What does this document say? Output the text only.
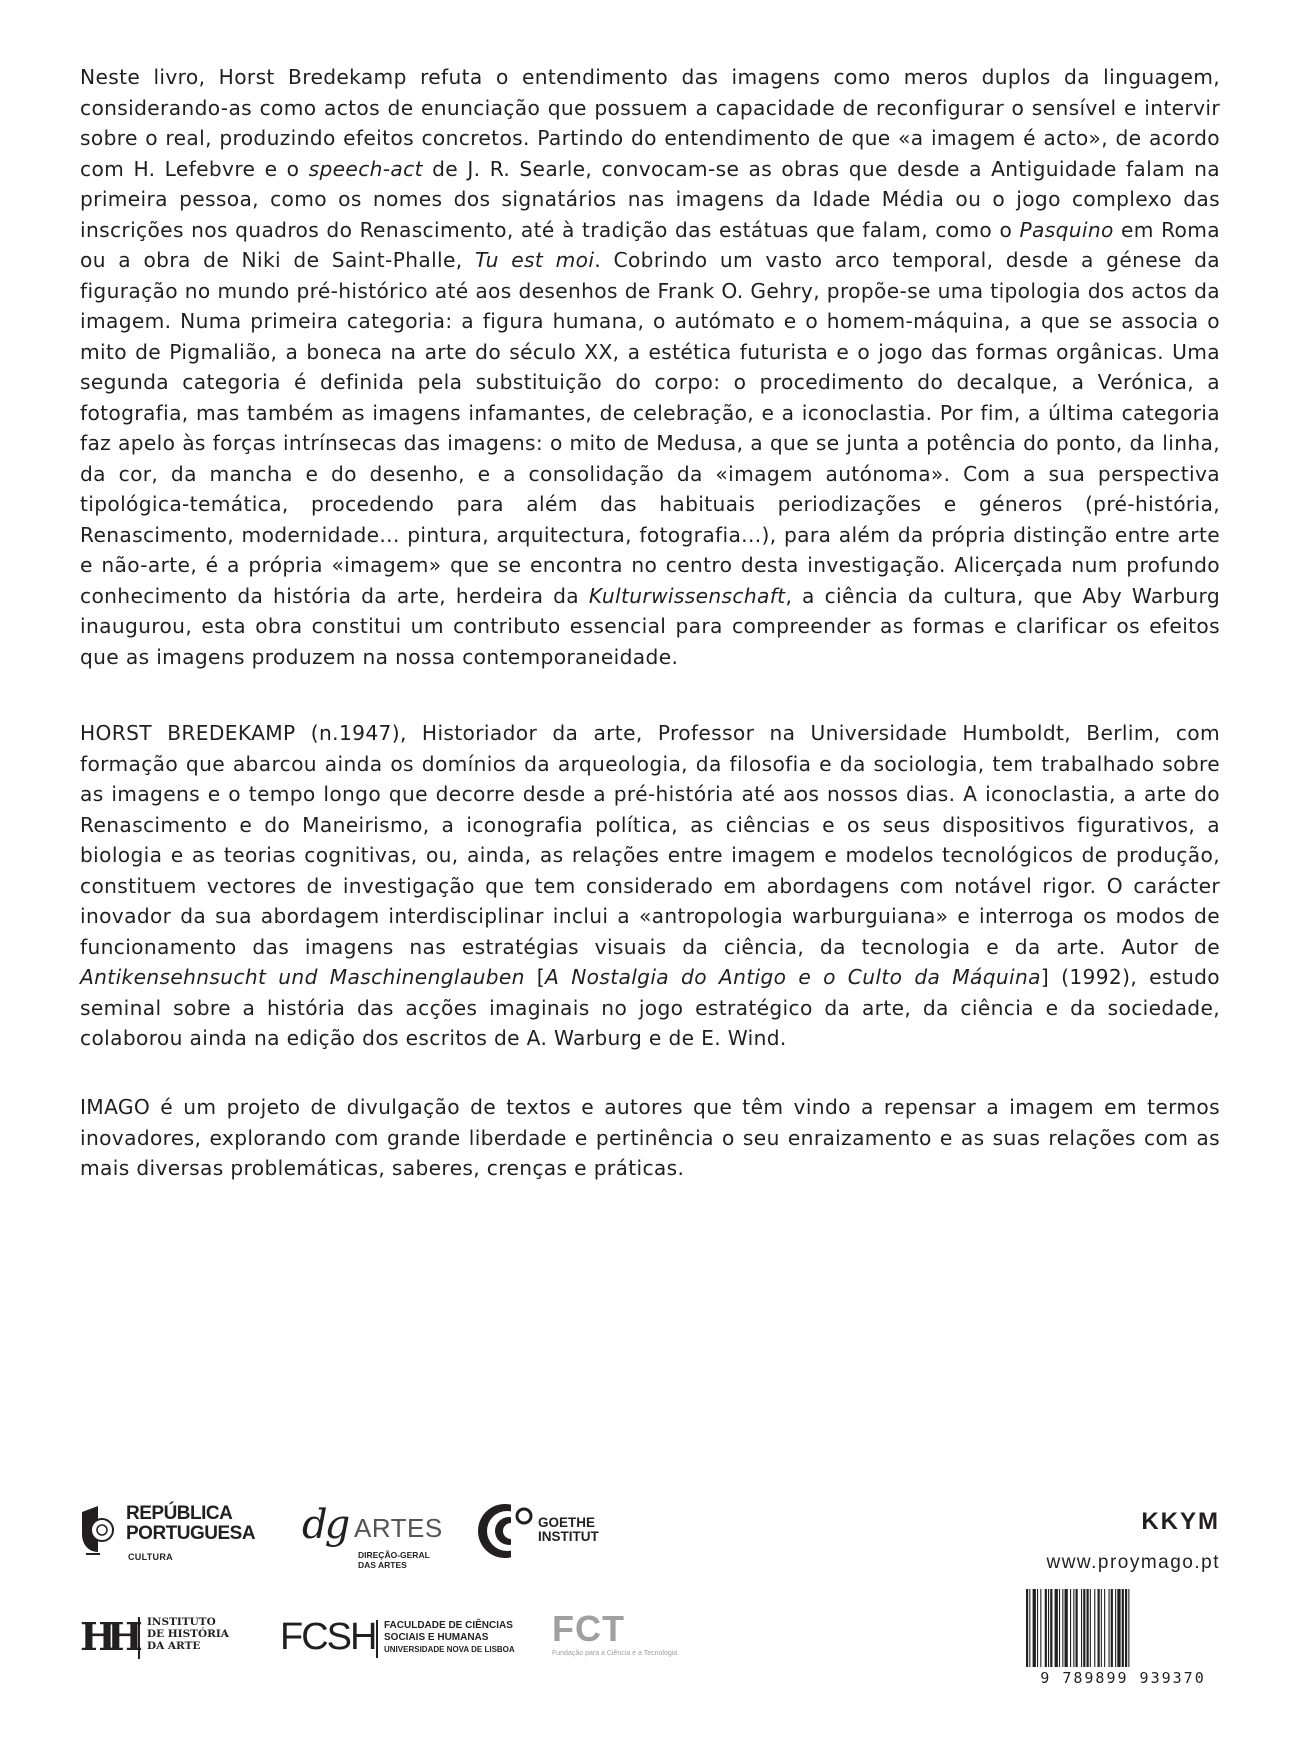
Neste livro, Horst Bredekamp refuta o entendimento das imagens como meros duplos da linguagem, considerando-as como actos de enunciação que possuem a capacidade de reconfigurar o sensível e intervir sobre o real, produzindo efeitos concretos. Partindo do entendimento de que «a imagem é acto», de acordo com H. Lefebvre e o speech-act de J. R. Searle, convocam-se as obras que desde a Antiguidade falam na primeira pessoa, como os nomes dos signatários nas imagens da Idade Média ou o jogo complexo das inscrições nos quadros do Renascimento, até à tradição das estátuas que falam, como o Pasquino em Roma ou a obra de Niki de Saint-Phalle, Tu est moi. Cobrindo um vasto arco temporal, desde a génese da figuração no mundo pré-histórico até aos desenhos de Frank O. Gehry, propõe-se uma tipologia dos actos da imagem. Numa primeira categoria: a figura humana, o autómato e o homem-máquina, a que se associa o mito de Pigmalião, a boneca na arte do século XX, a estética futurista e o jogo das formas orgânicas. Uma segunda categoria é definida pela substituição do corpo: o procedimento do decalque, a Verónica, a fotografia, mas também as imagens infamantes, de celebração, e a iconoclastia. Por fim, a última categoria faz apelo às forças intrínsecas das imagens: o mito de Medusa, a que se junta a potência do ponto, da linha, da cor, da mancha e do desenho, e a consolidação da «imagem autónoma». Com a sua perspectiva tipológica-temática, procedendo para além das habituais periodizações e géneros (pré-história, Renascimento, modernidade... pintura, arquitectura, fotografia...), para além da própria distinção entre arte e não-arte, é a própria «imagem» que se encontra no centro desta investigação. Alicerçada num profundo conhecimento da história da arte, herdeira da Kulturwissenschaft, a ciência da cultura, que Aby Warburg inaugurou, esta obra constitui um contributo essencial para compreender as formas e clarificar os efeitos que as imagens produzem na nossa contemporaneidade.

HORST BREDEKAMP (n.1947), Historiador da arte, Professor na Universidade Humboldt, Berlim, com formação que abarcou ainda os domínios da arqueologia, da filosofia e da sociologia, tem trabalhado sobre as imagens e o tempo longo que decorre desde a pré-história até aos nossos dias. A iconoclastia, a arte do Renascimento e do Maneirismo, a iconografia política, as ciências e os seus dispositivos figurativos, a biologia e as teorias cognitivas, ou, ainda, as relações entre imagem e modelos tecnológicos de produção, constituem vectores de investigação que tem considerado em abordagens com notável rigor. O carácter inovador da sua abordagem interdisciplinar inclui a «antropologia warburguiana» e interroga os modos de funcionamento das imagens nas estratégias visuais da ciência, da tecnologia e da arte. Autor de Antikensehnsucht und Maschinenglauben [A Nostalgia do Antigo e o Culto da Máquina] (1992), estudo seminal sobre a história das acções imaginais no jogo estratégico da arte, da ciência e da sociedade, colaborou ainda na edição dos escritos de A. Warburg e de E. Wind.

IMAGO é um projeto de divulgação de textos e autores que têm vindo a repensar a imagem em termos inovadores, explorando com grande liberdade e pertinência o seu enraizamento e as suas relações com as mais diversas problemáticas, saberes, crenças e práticas.

REPÚBLICA
PORTUGUESA
CULTURA
dg ARTES
DIREÇÃO-GERAL
DAS ARTES
GOETHE
INSTITUT
HH INSTITUTO
DE HISTÓRIA
DA ARTE	FCSH FACULDADE DE CIÊNCIAS
SOCIAIS E HUMANAS
UNIVERSIDADE NOVA DE LISBOA
FCT
Fundação para a Ciência e a Tecnologia
KKYM
www.proymago.pt
9 789899 939370
